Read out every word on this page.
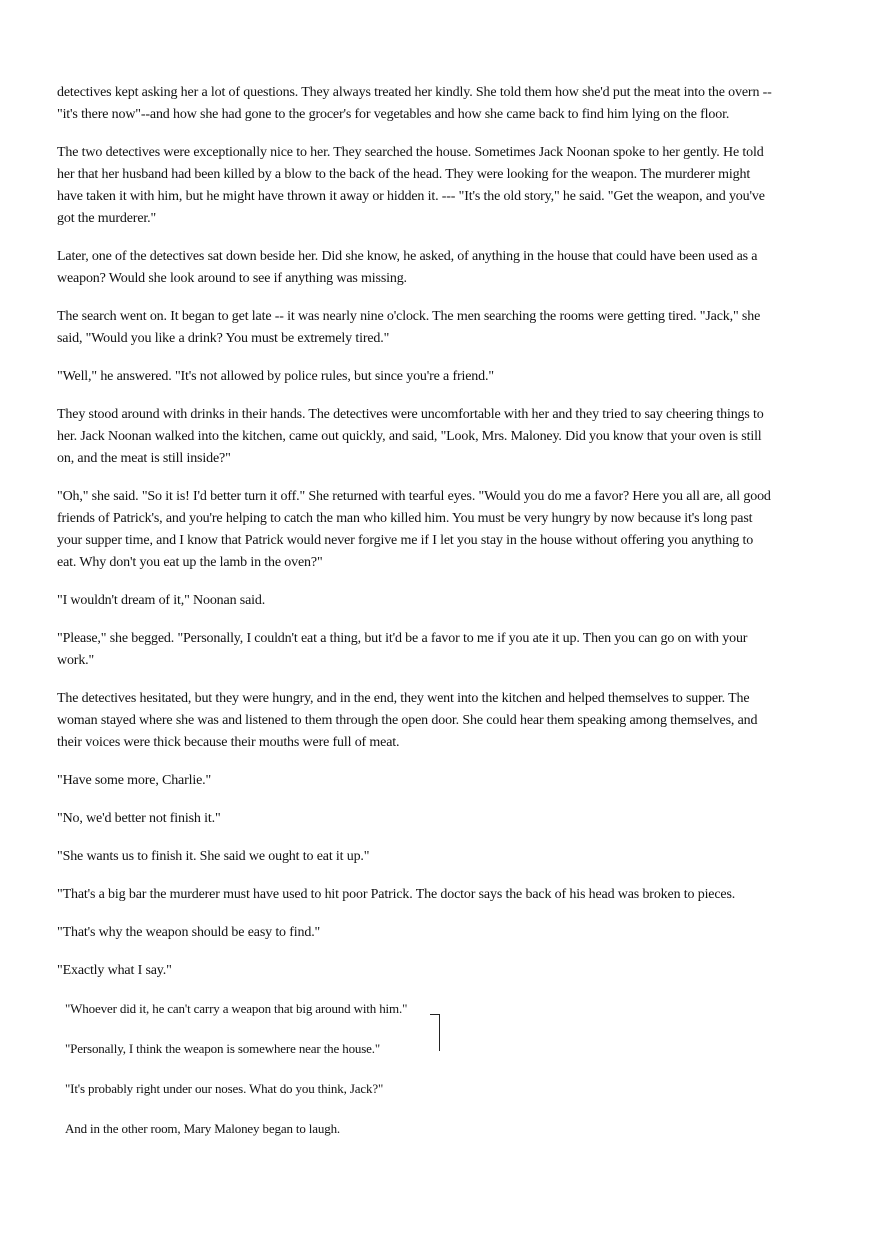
detectives kept asking her a lot of questions. They always treated her kindly. She told them how she'd put the meat into the overn --
"it's there now"--and how she had gone to the grocer's for vegetables and how she came back to find him lying on the floor.

The two detectives were exceptionally nice to her. They searched the house. Sometimes Jack Noonan spoke to her gently. He told
her that her husband had been killed by a blow to the back of the head. They were looking for the weapon. The murderer might
have taken it with him, but he might have thrown it away or hidden it. --- "It's the old story," he said. "Get the weapon, and you've
got the murderer."

Later, one of the detectives sat down beside her. Did she know, he asked, of anything in the house that could have been used as a
weapon? Would she look around to see if anything was missing.

The search went on. It began to get late -- it was nearly nine o'clock. The men searching the rooms were getting tired. "Jack," she
said, "Would you like a drink? You must be extremely tired."

"Well," he answered. "It's not allowed by police rules, but since you're a friend."

They stood around with drinks in their hands. The detectives were uncomfortable with her and they tried to say cheering things to
her. Jack Noonan walked into the kitchen, came out quickly, and said, "Look, Mrs. Maloney. Did you know that your oven is still
on, and the meat is still inside?"

"Oh," she said. "So it is! I'd better turn it off." She returned with tearful eyes. "Would you do me a favor? Here you all are, all good
friends of Patrick's, and you're helping to catch the man who killed him. You must be very hungry by now because it's long past
your supper time, and I know that Patrick would never forgive me if I let you stay in the house without offering you anything to
eat. Why don't you eat up the lamb in the oven?"

"I wouldn't dream of it," Noonan said.

"Please," she begged. "Personally, I couldn't eat a thing, but it'd be a favor to me if you ate it up. Then you can go on with your
work."

The detectives hesitated, but they were hungry, and in the end, they went into the kitchen and helped themselves to supper. The
woman stayed where she was and listened to them through the open door. She could hear them speaking among themselves, and
their voices were thick because their mouths were full of meat.

"Have some more, Charlie."

"No, we'd better not finish it."

"She wants us to finish it. She said we ought to eat it up."

"That's a big bar the murderer must have used to hit poor Patrick. The doctor says the back of his head was broken to pieces.

"That's why the weapon should be easy to find."

"Exactly what I say."

"Whoever did it, he can't carry a weapon that big around with him."

"Personally, I think the weapon is somewhere near the house."

"It's probably right under our noses. What do you think, Jack?"

And in the other room, Mary Maloney began to laugh.
